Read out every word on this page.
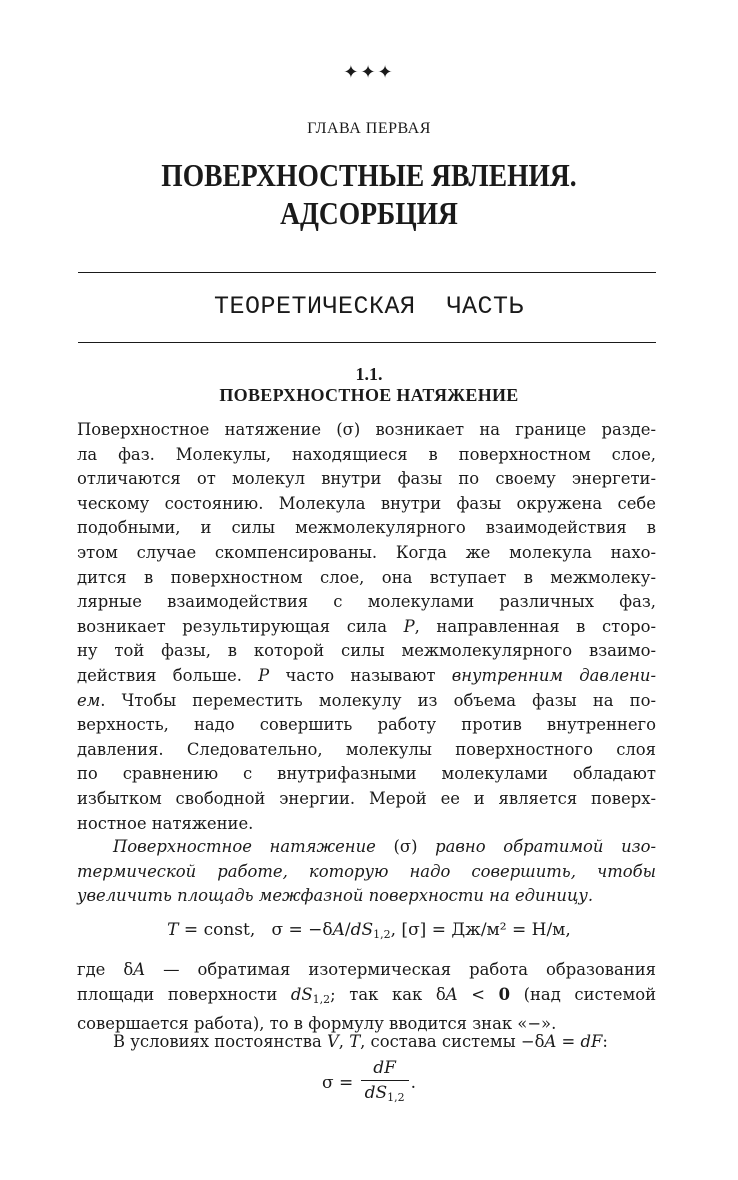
✦✦✦
ГЛАВА ПЕРВАЯ
ПОВЕРХНОСТНЫЕ ЯВЛЕНИЯ.
АДСОРБЦИЯ
ТЕОРЕТИЧЕСКАЯ  ЧАСТЬ
1.1.
ПОВЕРХНОСТНОЕ НАТЯЖЕНИЕ

Поверхностное натяжение (σ) возникает на границе разде-

ла фаз. Молекулы, находящиеся в поверхностном слое,

отличаются от молекул внутри фазы по своему энергети-

ческому состоянию. Молекула внутри фазы окружена себе

подобными, и силы межмолекулярного взаимодействия в

этом случае скомпенсированы. Когда же молекула нахо-

дится в поверхностном слое, она вступает в межмолеку-

лярные взаимодействия с молекулами различных фаз,

возникает результирующая сила P, направленная в сторо-

ну той фазы, в которой силы межмолекулярного взаимо-

действия больше. P часто называют внутренним давлени-

ем. Чтобы переместить молекулу из объема фазы на по-

верхность, надо совершить работу против внутреннего

давления. Следовательно, молекулы поверхностного слоя

по сравнению с внутрифазными молекулами обладают

избытком свободной энергии. Мерой ее и является поверх-

ностное натяжение.

Поверхностное натяжение (σ) равно обратимой изо-

термической работе, которую надо совершить, чтобы

увеличить площадь межфазной поверхности на единицу.

T = const,   $\sigma = -\delta A/dS_{1,2}$, [σ] = Дж/м² = Н/м,

где δA — обратимая изотермическая работа образования

площади поверхности $dS_{1,2}$; так как δA < 0 (над системой

совершается работа), то в формулу вводится знак «−».

В условиях постоянства V, T, состава системы −δA = dF:

$\sigma = \frac{dF}{dS_{1,2}}$ .
